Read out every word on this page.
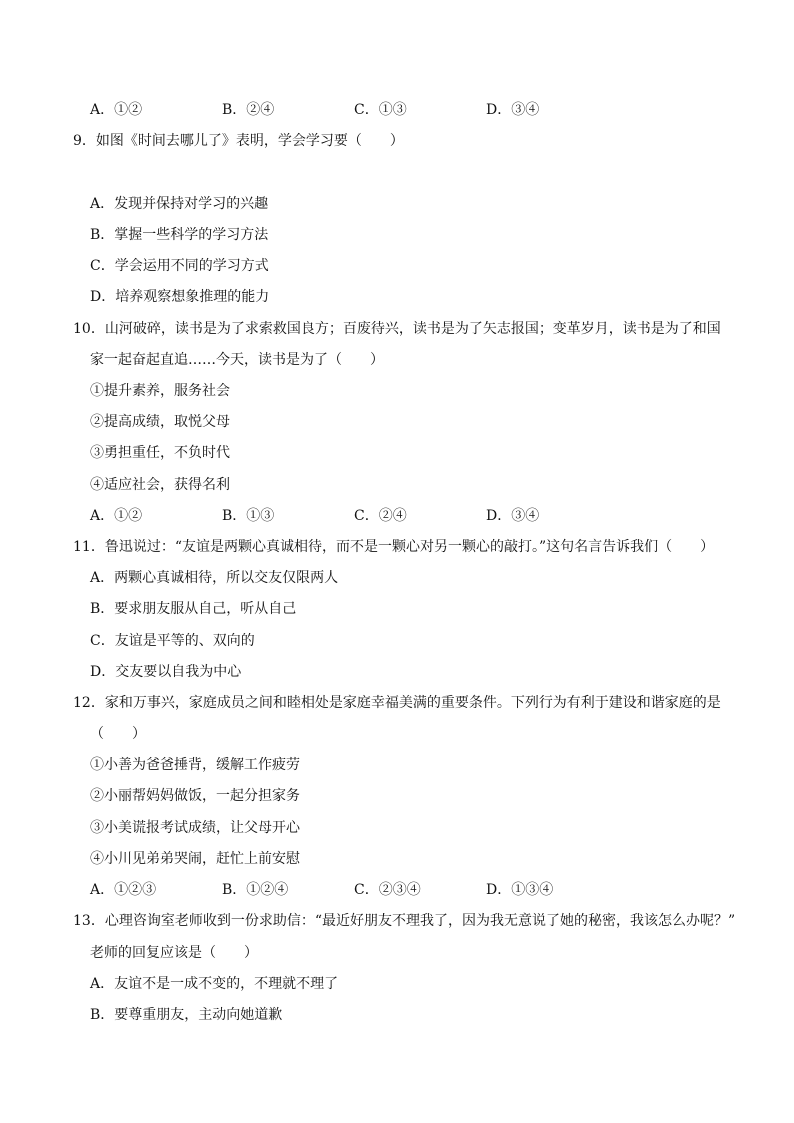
A．①②	B．②④	C．①③	D．③④
9．如图《时间去哪儿了》表明，学会学习要（　　）
A．发现并保持对学习的兴趣
B．掌握一些科学的学习方法
C．学会运用不同的学习方式
D．培养观察想象推理的能力
10．山河破碎，读书是为了求索救国良方；百废待兴，读书是为了矢志报国；变革岁月，读书是为了和国
家一起奋起直追……今天，读书是为了（　　）
①提升素养，服务社会
②提高成绩，取悦父母
③勇担重任，不负时代
④适应社会，获得名利
A．①②	B．①③	C．②④	D．③④
11．鲁迅说过：“友谊是两颗心真诚相待，而不是一颗心对另一颗心的敲打。”这句名言告诉我们（　　）
A．两颗心真诚相待，所以交友仅限两人
B．要求朋友服从自己，听从自己
C．友谊是平等的、双向的
D．交友要以自我为中心
12．家和万事兴，家庭成员之间和睦相处是家庭幸福美满的重要条件。下列行为有利于建设和谐家庭的是
（　　）
①小善为爸爸捶背，缓解工作疲劳
②小丽帮妈妈做饭，一起分担家务
③小美谎报考试成绩，让父母开心
④小川见弟弟哭闹，赶忙上前安慰
A．①②③	B．①②④	C．②③④	D．①③④
13．心理咨询室老师收到一份求助信：“最近好朋友不理我了，因为我无意说了她的秘密，我该怎么办呢？”
老师的回复应该是（　　）
A．友谊不是一成不变的，不理就不理了
B．要尊重朋友，主动向她道歉
